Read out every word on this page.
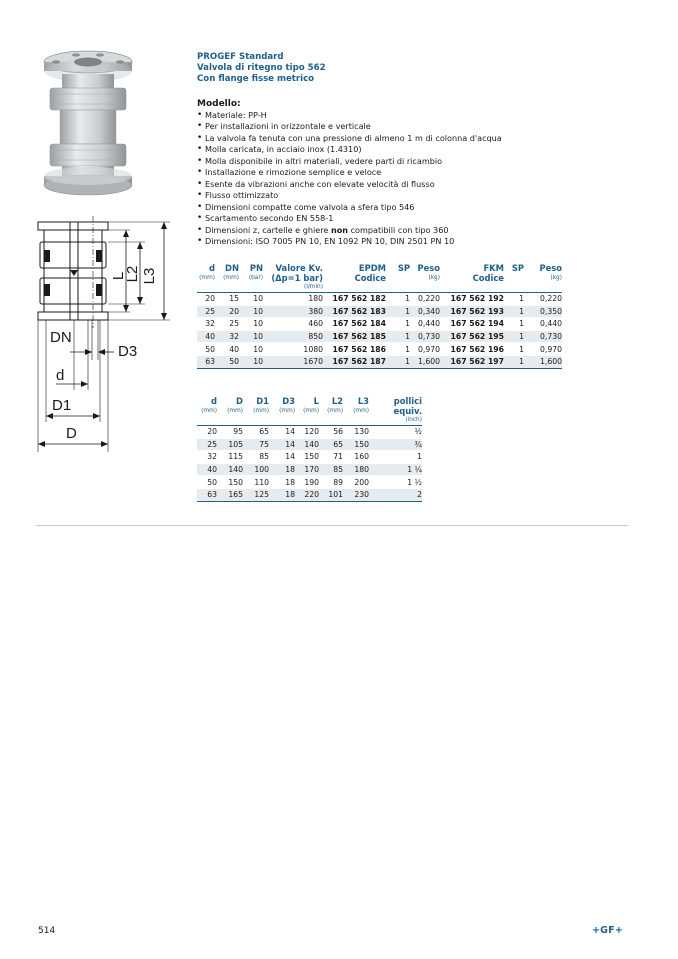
L3
L
L2
DN
D3
d
D1
D
PROGEF Standard
Valvola di ritegno tipo 562
Con flange fisse metrico
Modello:
• Materiale: PP-H
• Per installazioni in orizzontale e verticale
• La valvola fa tenuta con una pressione di almeno 1 m di colonna d'acqua
• Molla caricata, in acciaio inox (1.4310)
• Molla disponibile in altri materiali, vedere parti di ricambio
• Installazione e rimozione semplice e veloce
• Esente da vibrazioni anche con elevate velocità di flusso
• Flusso ottimizzato
• Dimensioni compatte come valvola a sfera tipo 546
• Scartamento secondo EN 558-1
• Dimensioni z, cartelle e ghiere non compatibili con tipo 360
• Dimensioni: ISO 7005 PN 10, EN 1092 PN 10, DIN 2501 PN 10
d	DN	PN	Valore Kv.	EPDM	SP	Peso	FKM	SP	Peso
(mm)	(mm)	(bar)	(Δp=1 bar)	Codice		(kg)	Codice		(kg)
			(l/min)						
20	15	10	180	167 562 182	1	0,220	167 562 192	1	0,220
25	20	10	380	167 562 183	1	0,340	167 562 193	1	0,350
32	25	10	460	167 562 184	1	0,440	167 562 194	1	0,440
40	32	10	850	167 562 185	1	0,730	167 562 195	1	0,730
50	40	10	1080	167 562 186	1	0,970	167 562 196	1	0,970
63	50	10	1670	167 562 187	1	1,600	167 562 197	1	1,600
d	D	D1	D3	L	L2	L3	pollici
(mm)	(mm)	(mm)	(mm)	(mm)	(mm)	(mm)	equiv.
							(inch)
20	95	65	14	120	56	130	½
25	105	75	14	140	65	150	¾
32	115	85	14	150	71	160	1
40	140	100	18	170	85	180	1 ¼
50	150	110	18	190	89	200	1 ½
63	165	125	18	220	101	230	2
514	+GF+
